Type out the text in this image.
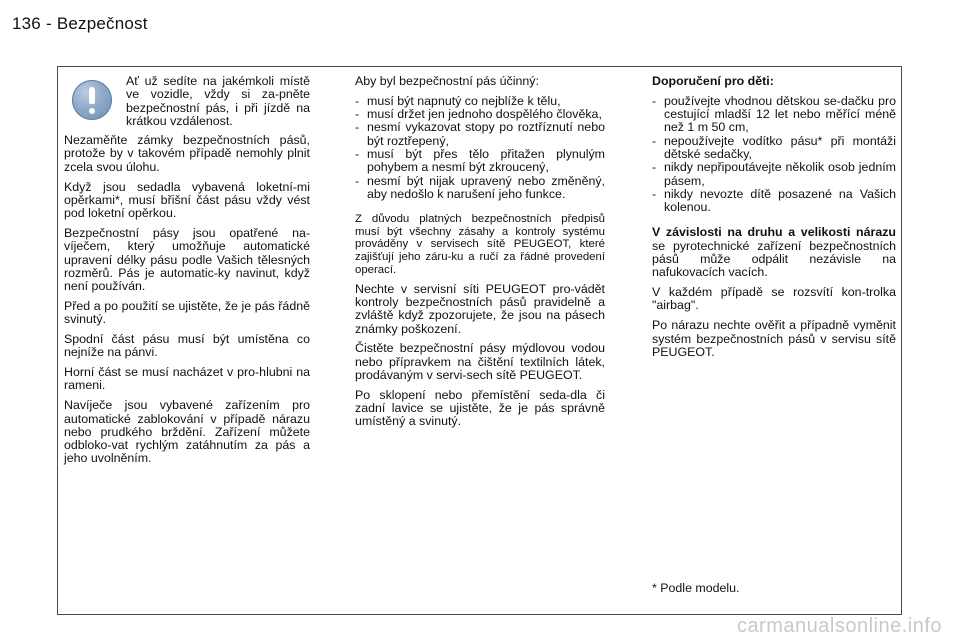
136 - Bezpečnost
Ať už sedíte na jakémkoli místě ve vozidle, vždy si za-pněte bezpečnostní pás, i při jízdě na krátkou vzdálenost.

Nezaměňte zámky bezpečnostních pásů, protože by v takovém případě nemohly plnit zcela svou úlohu.

Když jsou sedadla vybavená loketní-mi opěrkami*, musí břišní část pásu vždy vést pod loketní opěrkou.

Bezpečnostní pásy jsou opatřené na-víječem, který umožňuje automatické upravení délky pásu podle Vašich tělesných rozměrů. Pás je automatic-ky navinut, když není používán.

Před a po použití se ujistěte, že je pás řádně svinutý.

Spodní část pásu musí být umístěna co nejníže na pánvi.

Horní část se musí nacházet v pro-hlubni na rameni.

Navíječe jsou vybavené zařízením pro automatické zablokování v případě nárazu nebo prudkého brždění. Zařízení můžete odbloko-vat rychlým zatáhnutím za pás a jeho uvolněním.

Aby byl bezpečnostní pás účinný:

- musí být napnutý co nejblíže k tělu,
- musí držet jen jednoho dospělého člověka,
- nesmí vykazovat stopy po roztříznutí nebo být roztřepený,
- musí být přes tělo přitažen plynulým pohybem a nesmí být zkroucený,
- nesmí být nijak upravený nebo změněný, aby nedošlo k narušení jeho funkce.

Z důvodu platných bezpečnostních předpisů musí být všechny zásahy a kontroly systému prováděny v servisech sítě PEUGEOT, které zajišťují jeho záru-ku a ručí za řádné provedení operací.

Nechte v servisní síti PEUGEOT pro-vádět kontroly bezpečnostních pásů pravidelně a zvláště když zpozorujete, že jsou na pásech známky poškození.

Čistěte bezpečnostní pásy mýdlovou vodou nebo přípravkem na čištění textilních látek, prodávaným v servi-sech sítě PEUGEOT.

Po sklopení nebo přemístění seda-dla či zadní lavice se ujistěte, že je pás správně umístěný a svinutý.

Doporučení pro děti:

- používejte vhodnou dětskou se-dačku pro cestující mladší 12 let nebo měřící méně než 1 m 50 cm,
- nepoužívejte vodítko pásu* při montáži dětské sedačky,
- nikdy nepřipoutávejte několik osob jedním pásem,
- nikdy nevozte dítě posazené na Vašich kolenou.

V závislosti na druhu a velikosti nárazu se pyrotechnické zařízení bezpečnostních pásů může odpálit nezávisle na nafukovacích vacích.

V každém případě se rozsvítí kon-trolka "airbag".

Po nárazu nechte ověřit a případně vyměnit systém bezpečnostních pásů v servisu sítě PEUGEOT.

* Podle modelu.
carmanualsonline.info
